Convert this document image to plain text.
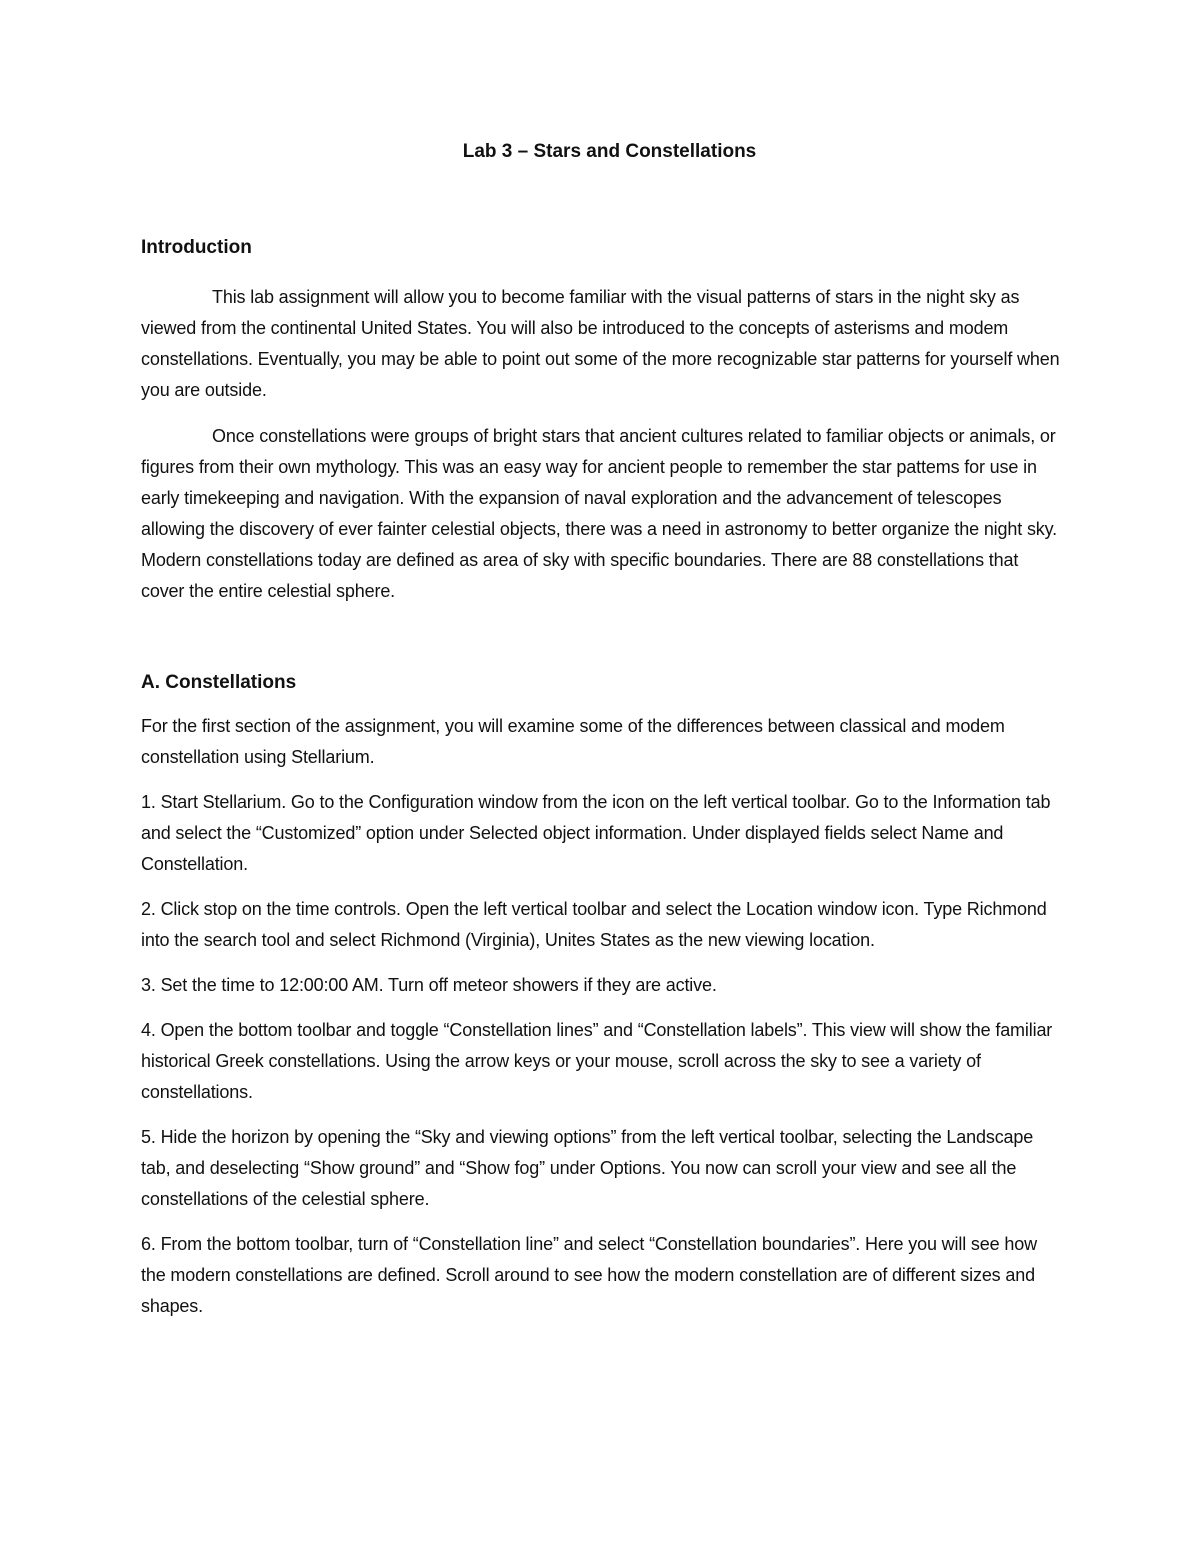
Lab 3 – Stars and Constellations
Introduction

This lab assignment will allow you to become familiar with the visual patterns of stars in the night sky as viewed from the continental United States. You will also be introduced to the concepts of asterisms and modem constellations. Eventually, you may be able to point out some of the more recognizable star patterns for yourself when you are outside.

Once constellations were groups of bright stars that ancient cultures related to familiar objects or animals, or figures from their own mythology. This was an easy way for ancient people to remember the star pattems for use in early timekeeping and navigation. With the expansion of naval exploration and the advancement of telescopes allowing the discovery of ever fainter celestial objects, there was a need in astronomy to better organize the night sky. Modern constellations today are defined as area of sky with specific boundaries. There are 88 constellations that cover the entire celestial sphere.

A. Constellations

For the first section of the assignment, you will examine some of the differences between classical and modem constellation using Stellarium.

1. Start Stellarium. Go to the Configuration window from the icon on the left vertical toolbar. Go to the Information tab and select the “Customized” option under Selected object information. Under displayed fields select Name and Constellation.

2. Click stop on the time controls. Open the left vertical toolbar and select the Location window icon. Type Richmond into the search tool and select Richmond (Virginia), Unites States as the new viewing location.

3. Set the time to 12:00:00 AM. Turn off meteor showers if they are active.

4. Open the bottom toolbar and toggle “Constellation lines” and “Constellation labels”. This view will show the familiar historical Greek constellations. Using the arrow keys or your mouse, scroll across the sky to see a variety of constellations.

5. Hide the horizon by opening the “Sky and viewing options” from the left vertical toolbar, selecting the Landscape tab, and deselecting “Show ground” and “Show fog” under Options. You now can scroll your view and see all the constellations of the celestial sphere.

6. From the bottom toolbar, turn of “Constellation line” and select “Constellation boundaries”. Here you will see how the modern constellations are defined. Scroll around to see how the modern constellation are of different sizes and shapes.
